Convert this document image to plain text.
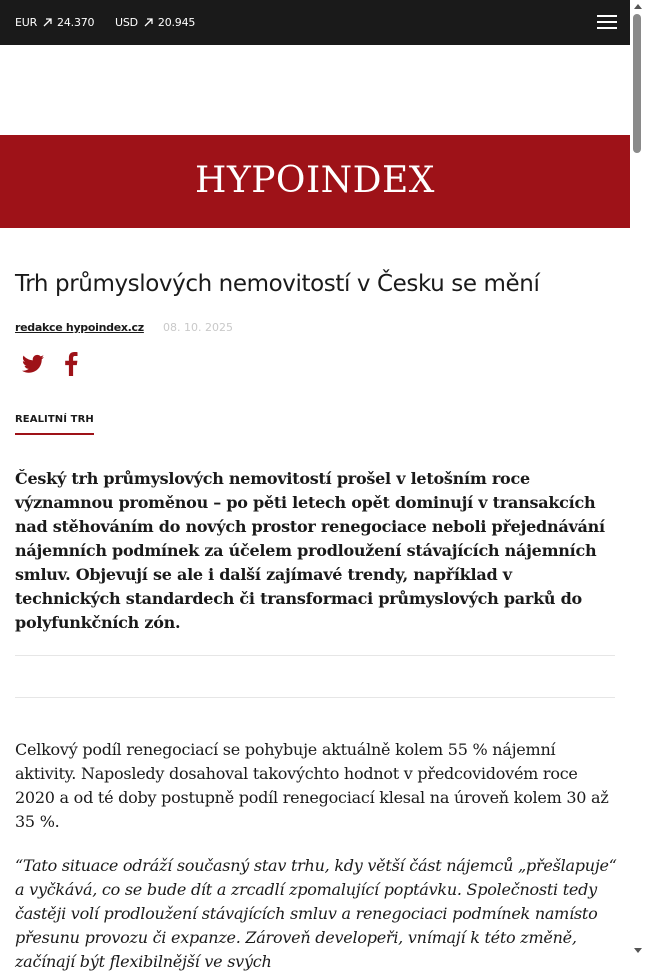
EUR 24.370 USD 20.945
HYPOINDEX
Trh průmyslových nemovitostí v Česku se mění
redakce hypoindex.cz 08. 10. 2025
REALITNÍ TRH

Český trh průmyslových nemovitostí prošel v letošním roce významnou proměnou – po pěti letech opět dominují v transakcích nad stěhováním do nových prostor renegociace neboli přejednávání nájemních podmínek za účelem prodloužení stávajících nájemních smluv. Objevují se ale i další zajímavé trendy, například v technických standardech či transformaci průmyslových parků do polyfunkčních zón.

Celkový podíl renegociací se pohybuje aktuálně kolem 55 % nájemní aktivity. Naposledy dosahoval takovýchto hodnot v předcovidovém roce 2020 a od té doby postupně podíl renegociací klesal na úroveň kolem 30 až 35 %.

“Tato situace odráží současný stav trhu, kdy větší část nájemců „přešlapuje“ a vyčkává, co se bude dít a zrcadlí zpomalující poptávku. Společnosti tedy častěji volí prodloužení stávajících smluv a renegociaci podmínek namísto přesunu provozu či expanze. Zároveň developeři, vnímají k této změně, začínají být flexibilnější ve svých
